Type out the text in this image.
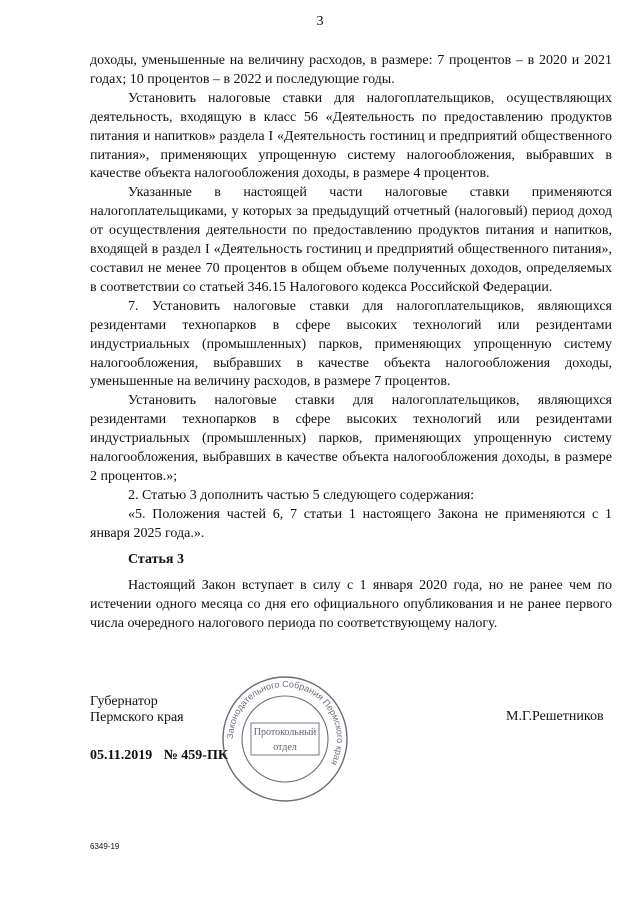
3

доходы, уменьшенные на величину расходов, в размере: 7 процентов – в 2020 и 2021 годах; 10 процентов – в 2022 и последующие годы.

Установить налоговые ставки для налогоплательщиков, осуществляющих деятельность, входящую в класс 56 «Деятельность по предоставлению продуктов питания и напитков» раздела I «Деятельность гостиниц и предприятий общественного питания», применяющих упрощенную систему налогообложения, выбравших в качестве объекта налогообложения доходы, в размере 4 процентов.

Указанные в настоящей части налоговые ставки применяются налогоплательщиками, у которых за предыдущий отчетный (налоговый) период доход от осуществления деятельности по предоставлению продуктов питания и напитков, входящей в раздел I «Деятельность гостиниц и предприятий общественного питания», составил не менее 70 процентов в общем объеме полученных доходов, определяемых в соответствии со статьей 346.15 Налогового кодекса Российской Федерации.

7. Установить налоговые ставки для налогоплательщиков, являющихся резидентами технопарков в сфере высоких технологий или резидентами индустриальных (промышленных) парков, применяющих упрощенную систему налогообложения, выбравших в качестве объекта налогообложения доходы, уменьшенные на величину расходов, в размере 7 процентов.

Установить налоговые ставки для налогоплательщиков, являющихся резидентами технопарков в сфере высоких технологий или резидентами индустриальных (промышленных) парков, применяющих упрощенную систему налогообложения, выбравших в качестве объекта налогообложения доходы, в размере 2 процентов.»;

2. Статью 3 дополнить частью 5 следующего содержания:

«5. Положения частей 6, 7 статьи 1 настоящего Закона не применяются с 1 января 2025 года.».

Статья 3

Настоящий Закон вступает в силу с 1 января 2020 года, но не ранее чем по истечении одного месяца со дня его официального опубликования и не ранее первого числа очередного налогового периода по соответствующему налогу.

Губернатор
Пермского края	М.Г.Решетников
05.11.2019 № 459-ПК
Законодательного Собрания Пермского края
Протокольный
отдел
6349-19
